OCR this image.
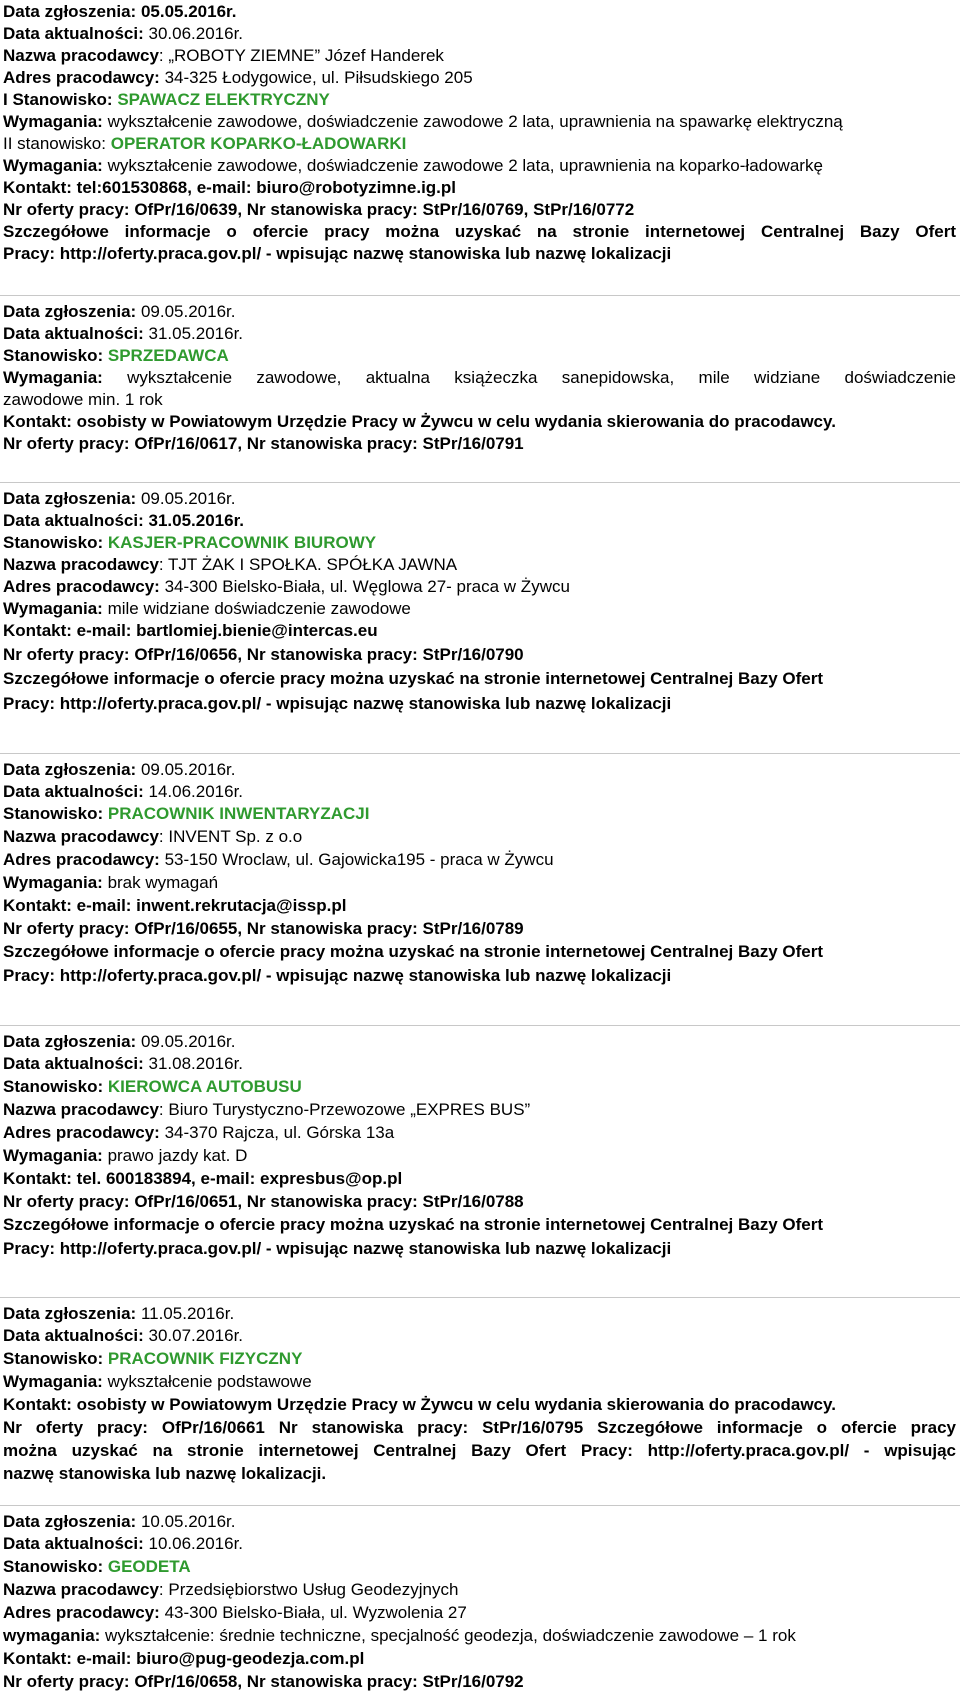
Data zgłoszenia: 05.05.2016r.
Data aktualności: 30.06.2016r.
Nazwa pracodawcy: „ROBOTY ZIEMNE” Józef Handerek
Adres pracodawcy: 34-325 Łodygowice, ul. Piłsudskiego 205
I Stanowisko: SPAWACZ ELEKTRYCZNY
Wymagania: wykształcenie zawodowe, doświadczenie zawodowe 2 lata, uprawnienia na spawarkę elektryczną
II stanowisko: OPERATOR KOPARKO-ŁADOWARKI
Wymagania: wykształcenie zawodowe, doświadczenie zawodowe 2 lata, uprawnienia na koparko-ładowarkę
Kontakt: tel:601530868, e-mail: biuro@robotyzimne.ig.pl
Nr oferty pracy: OfPr/16/0639, Nr stanowiska pracy: StPr/16/0769, StPr/16/0772
Szczegółowe informacje o ofercie pracy można uzyskać na stronie internetowej Centralnej Bazy Ofert
Pracy: http://oferty.praca.gov.pl/ - wpisując nazwę stanowiska lub nazwę lokalizacji
Data zgłoszenia: 09.05.2016r.
Data aktualności: 31.05.2016r.
Stanowisko: SPRZEDAWCA
Wymagania: wykształcenie zawodowe, aktualna książeczka sanepidowska, mile widziane doświadczenie
zawodowe min. 1 rok
Kontakt: osobisty w Powiatowym Urzędzie Pracy w Żywcu w celu wydania skierowania do pracodawcy.
Nr oferty pracy: OfPr/16/0617, Nr stanowiska pracy: StPr/16/0791
Data zgłoszenia: 09.05.2016r.
Data aktualności: 31.05.2016r.
Stanowisko: KASJER-PRACOWNIK BIUROWY
Nazwa pracodawcy: TJT ŻAK I SPOŁKA. SPÓŁKA JAWNA
Adres pracodawcy: 34-300 Bielsko-Biała, ul. Węglowa 27- praca w Żywcu
Wymagania: mile widziane doświadczenie zawodowe
Kontakt: e-mail: bartlomiej.bienie@intercas.eu
Nr oferty pracy: OfPr/16/0656, Nr stanowiska pracy: StPr/16/0790
Szczegółowe informacje o ofercie pracy można uzyskać na stronie internetowej Centralnej Bazy Ofert
Pracy: http://oferty.praca.gov.pl/ - wpisując nazwę stanowiska lub nazwę lokalizacji
Data zgłoszenia: 09.05.2016r.
Data aktualności: 14.06.2016r.
Stanowisko: PRACOWNIK INWENTARYZACJI
Nazwa pracodawcy: INVENT Sp. z o.o
Adres pracodawcy: 53-150 Wroclaw, ul. Gajowicka195 - praca w Żywcu
Wymagania: brak wymagań
Kontakt: e-mail: inwent.rekrutacja@issp.pl
Nr oferty pracy: OfPr/16/0655, Nr stanowiska pracy: StPr/16/0789
Szczegółowe informacje o ofercie pracy można uzyskać na stronie internetowej Centralnej Bazy Ofert
Pracy: http://oferty.praca.gov.pl/ - wpisując nazwę stanowiska lub nazwę lokalizacji
Data zgłoszenia: 09.05.2016r.
Data aktualności: 31.08.2016r.
Stanowisko: KIEROWCA AUTOBUSU
Nazwa pracodawcy: Biuro Turystyczno-Przewozowe „EXPRES BUS”
Adres pracodawcy: 34-370 Rajcza, ul. Górska 13a
Wymagania: prawo jazdy kat. D
Kontakt: tel. 600183894, e-mail: expresbus@op.pl
Nr oferty pracy: OfPr/16/0651, Nr stanowiska pracy: StPr/16/0788
Szczegółowe informacje o ofercie pracy można uzyskać na stronie internetowej Centralnej Bazy Ofert
Pracy: http://oferty.praca.gov.pl/ - wpisując nazwę stanowiska lub nazwę lokalizacji
Data zgłoszenia: 11.05.2016r.
Data aktualności: 30.07.2016r.
Stanowisko: PRACOWNIK FIZYCZNY
Wymagania: wykształcenie podstawowe
Kontakt: osobisty w Powiatowym Urzędzie Pracy w Żywcu w celu wydania skierowania do pracodawcy.
Nr oferty pracy: OfPr/16/0661 Nr stanowiska pracy: StPr/16/0795 Szczegółowe informacje o ofercie pracy
można uzyskać na stronie internetowej Centralnej Bazy Ofert Pracy: http://oferty.praca.gov.pl/ - wpisując
nazwę stanowiska lub nazwę lokalizacji.
Data zgłoszenia: 10.05.2016r.
Data aktualności: 10.06.2016r.
Stanowisko: GEODETA
Nazwa pracodawcy: Przedsiębiorstwo Usług Geodezyjnych
Adres pracodawcy: 43-300 Bielsko-Biała, ul. Wyzwolenia 27
wymagania: wykształcenie: średnie techniczne, specjalność geodezja, doświadczenie zawodowe – 1 rok
Kontakt: e-mail: biuro@pug-geodezja.com.pl
Nr oferty pracy: OfPr/16/0658, Nr stanowiska pracy: StPr/16/0792
